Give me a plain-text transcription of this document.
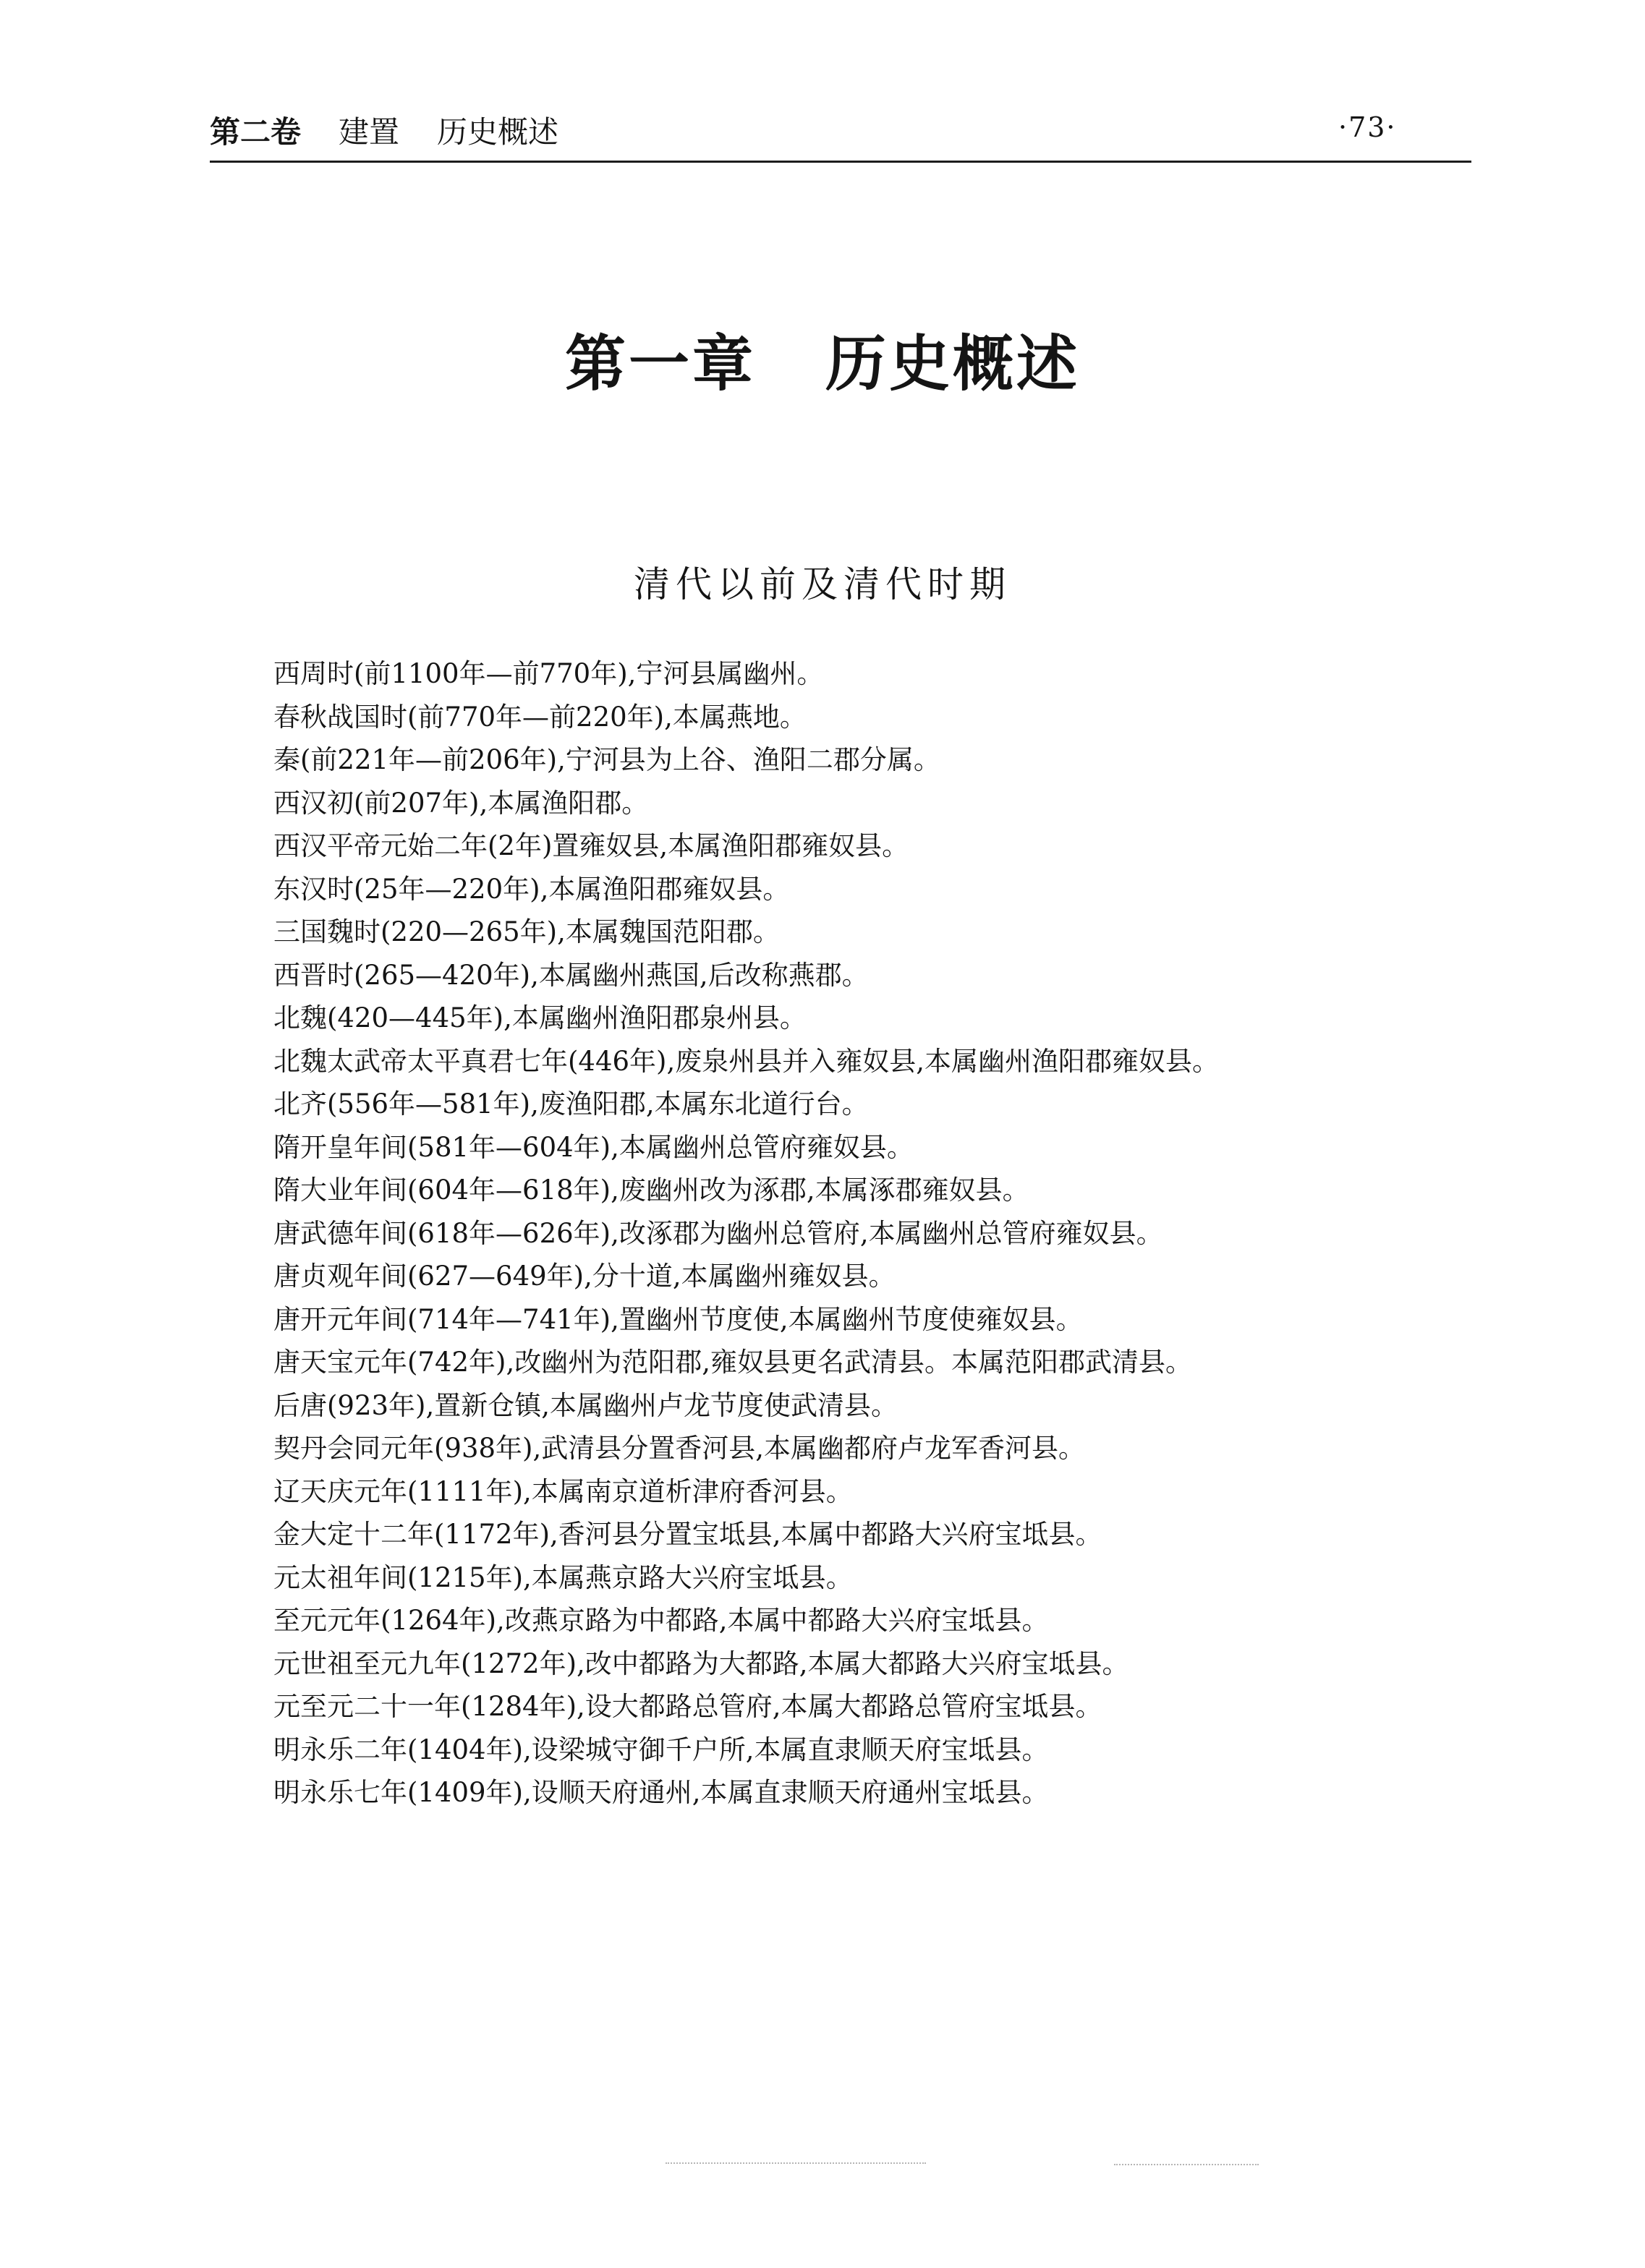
第二卷 建置 历史概述	·73·
第一章 历史概述
清代以前及清代时期
西周时(前1100年—前770年),宁河县属幽州。
春秋战国时(前770年—前220年),本属燕地。
秦(前221年—前206年),宁河县为上谷、渔阳二郡分属。
西汉初(前207年),本属渔阳郡。
西汉平帝元始二年(2年)置雍奴县,本属渔阳郡雍奴县。
东汉时(25年—220年),本属渔阳郡雍奴县。
三国魏时(220—265年),本属魏国范阳郡。
西晋时(265—420年),本属幽州燕国,后改称燕郡。
北魏(420—445年),本属幽州渔阳郡泉州县。
北魏太武帝太平真君七年(446年),废泉州县并入雍奴县,本属幽州渔阳郡雍奴县。
北齐(556年—581年),废渔阳郡,本属东北道行台。
隋开皇年间(581年—604年),本属幽州总管府雍奴县。
隋大业年间(604年—618年),废幽州改为涿郡,本属涿郡雍奴县。
唐武德年间(618年—626年),改涿郡为幽州总管府,本属幽州总管府雍奴县。
唐贞观年间(627—649年),分十道,本属幽州雍奴县。
唐开元年间(714年—741年),置幽州节度使,本属幽州节度使雍奴县。
唐天宝元年(742年),改幽州为范阳郡,雍奴县更名武清县。本属范阳郡武清县。
后唐(923年),置新仓镇,本属幽州卢龙节度使武清县。
契丹会同元年(938年),武清县分置香河县,本属幽都府卢龙军香河县。
辽天庆元年(1111年),本属南京道析津府香河县。
金大定十二年(1172年),香河县分置宝坻县,本属中都路大兴府宝坻县。
元太祖年间(1215年),本属燕京路大兴府宝坻县。
至元元年(1264年),改燕京路为中都路,本属中都路大兴府宝坻县。
元世祖至元九年(1272年),改中都路为大都路,本属大都路大兴府宝坻县。
元至元二十一年(1284年),设大都路总管府,本属大都路总管府宝坻县。
明永乐二年(1404年),设梁城守御千户所,本属直隶顺天府宝坻县。
明永乐七年(1409年),设顺天府通州,本属直隶顺天府通州宝坻县。
